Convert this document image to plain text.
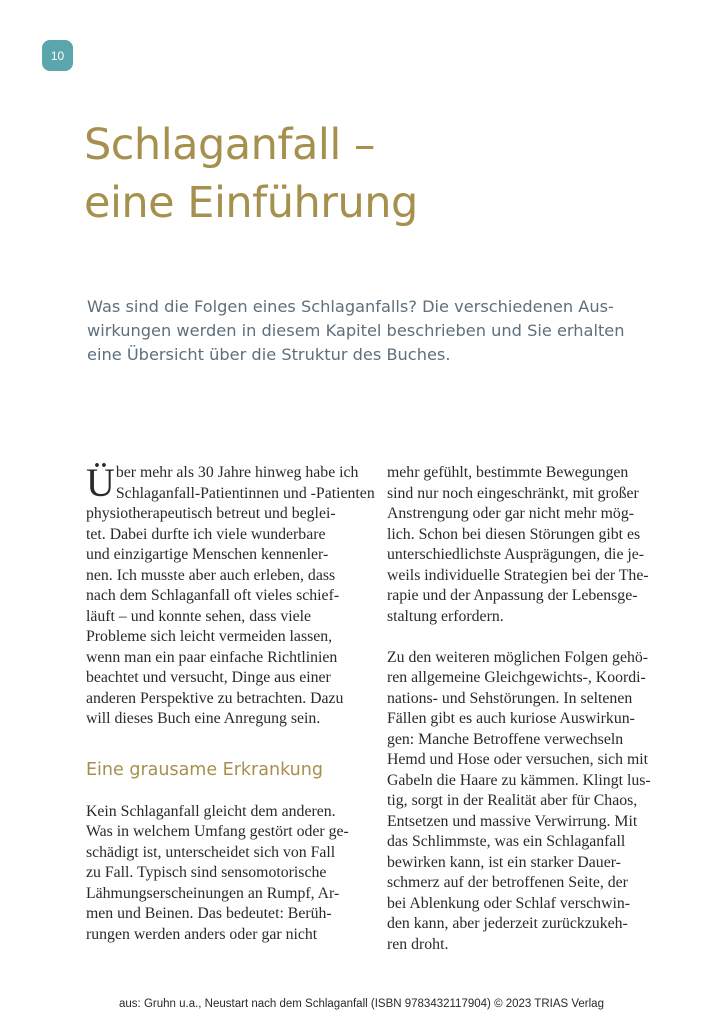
10
Schlaganfall –
eine Einführung

Was sind die Folgen eines Schlaganfalls? Die verschiedenen Aus-
wirkungen werden in diesem Kapitel beschrieben und Sie erhalten
eine Übersicht über die Struktur des Buches.

Ü ber mehr als 30 Jahre hinweg habe ich
Schlaganfall-Patientinnen und -Patienten
physiotherapeutisch betreut und beglei-
tet. Dabei durfte ich viele wunderbare
und einzigartige Menschen kennenler-
nen. Ich musste aber auch erleben, dass
nach dem Schlaganfall oft vieles schief-
läuft – und konnte sehen, dass viele
Probleme sich leicht vermeiden lassen,
wenn man ein paar einfache Richtlinien
beachtet und versucht, Dinge aus einer
anderen Perspektive zu betrachten. Dazu
will dieses Buch eine Anregung sein.

Eine grausame Erkrankung

Kein Schlaganfall gleicht dem anderen.
Was in welchem Umfang gestört oder ge-
schädigt ist, unterscheidet sich von Fall
zu Fall. Typisch sind sensomotorische
Lähmungserscheinungen an Rumpf, Ar-
men und Beinen. Das bedeutet: Berüh-
rungen werden anders oder gar nicht

mehr gefühlt, bestimmte Bewegungen
sind nur noch eingeschränkt, mit großer
Anstrengung oder gar nicht mehr mög-
lich. Schon bei diesen Störungen gibt es
unterschiedlichste Ausprägungen, die je-
weils individuelle Strategien bei der The-
rapie und der Anpassung der Lebensge-
staltung erfordern.

Zu den weiteren möglichen Folgen gehö-
ren allgemeine Gleichgewichts-, Koordi-
nations- und Sehstörungen. In seltenen
Fällen gibt es auch kuriose Auswirkun-
gen: Manche Betroffene verwechseln
Hemd und Hose oder versuchen, sich mit
Gabeln die Haare zu kämmen. Klingt lus-
tig, sorgt in der Realität aber für Chaos,
Entsetzen und massive Verwirrung. Mit
das Schlimmste, was ein Schlaganfall
bewirken kann, ist ein starker Dauer-
schmerz auf der betroffenen Seite, der
bei Ablenkung oder Schlaf verschwin-
den kann, aber jederzeit zurückzukeh-
ren droht.

aus: Gruhn u.a., Neustart nach dem Schlaganfall (ISBN 9783432117904) © 2023 TRIAS Verlag
